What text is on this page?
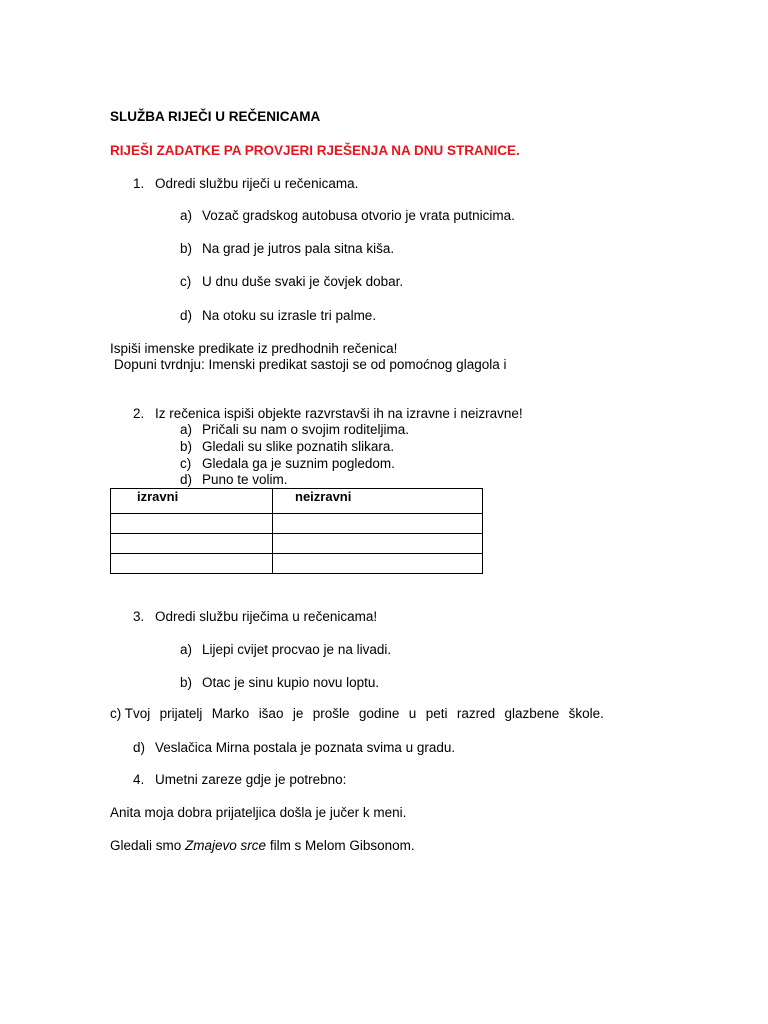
SLUŽBA RIJEČI U REČENICAMA
RIJEŠI ZADATKE PA PROVJERI RJEŠENJA NA DNU STRANICE.
1. Odredi službu riječi u rečenicama.
a) Vozač gradskog autobusa otvorio je vrata putnicima.
b) Na grad je jutros pala sitna kiša.
c) U dnu duše svaki je čovjek dobar.
d) Na otoku su izrasle tri palme.
Ispiši imenske predikate iz predhodnih rečenica!
Dopuni tvrdnju: Imenski predikat sastoji se od pomoćnog glagola i
2. Iz rečenica ispiši objekte razvrstavši ih na izravne i neizravne!
a) Pričali su nam o svojim roditeljima.
b) Gledali su slike poznatih slikara.
c) Gledala ga je suznim pogledom.
d) Puno te volim.
izravni	neizravni

3. Odredi službu riječima u rečenicama!
a) Lijepi cvijet procvao je na livadi.
b) Otac je sinu kupio novu loptu.
c) Tvoj prijatelj Marko išao je prošle godine u peti razred glazbene škole.
d) Veslačica Mirna postala je poznata svima u gradu.
4. Umetni zareze gdje je potrebno:
Anita moja dobra prijateljica došla je jučer k meni.
Gledali smo Zmajevo srce film s Melom Gibsonom.
